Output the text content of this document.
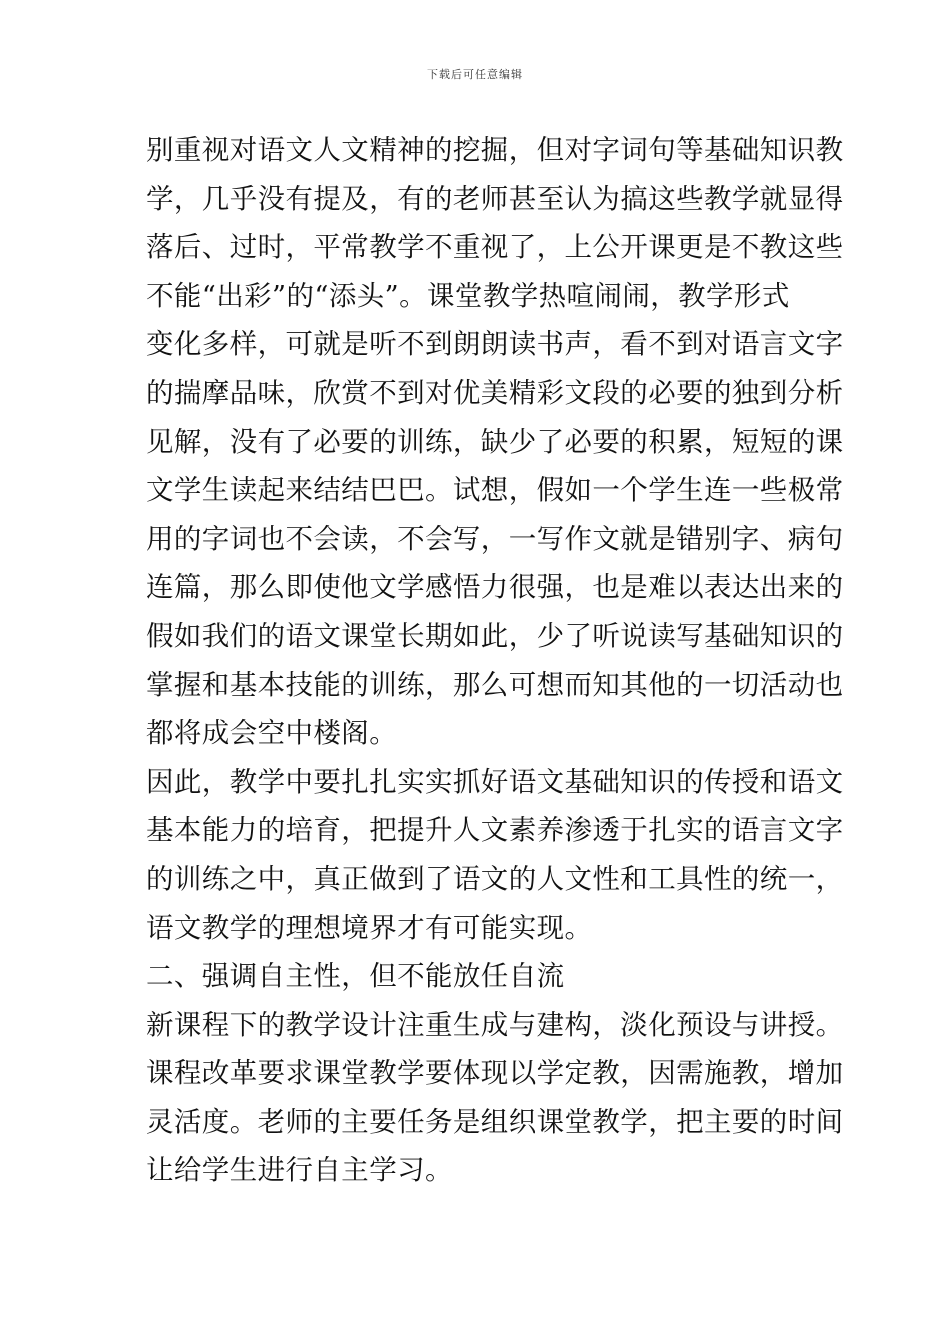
下载后可任意编辑
别重视对语文人文精神的挖掘，但对字词句等基础知识教
学，几乎没有提及，有的老师甚至认为搞这些教学就显得
落后、过时，平常教学不重视了，上公开课更是不教这些
不能“出彩”的“添头”。课堂教学热喧闹闹，教学形式
变化多样，可就是听不到朗朗读书声，看不到对语言文字
的揣摩品味，欣赏不到对优美精彩文段的必要的独到分析
见解，没有了必要的训练，缺少了必要的积累，短短的课
文学生读起来结结巴巴。试想，假如一个学生连一些极常
用的字词也不会读，不会写，一写作文就是错别字、病句
连篇，那么即使他文学感悟力很强，也是难以表达出来的
假如我们的语文课堂长期如此，少了听说读写基础知识的
掌握和基本技能的训练，那么可想而知其他的一切活动也
都将成会空中楼阁。
因此，教学中要扎扎实实抓好语文基础知识的传授和语文
基本能力的培育，把提升人文素养渗透于扎实的语言文字
的训练之中，真正做到了语文的人文性和工具性的统一，
语文教学的理想境界才有可能实现。
二、强调自主性，但不能放任自流
新课程下的教学设计注重生成与建构，淡化预设与讲授。
课程改革要求课堂教学要体现以学定教，因需施教，增加
灵活度。老师的主要任务是组织课堂教学，把主要的时间
让给学生进行自主学习。
